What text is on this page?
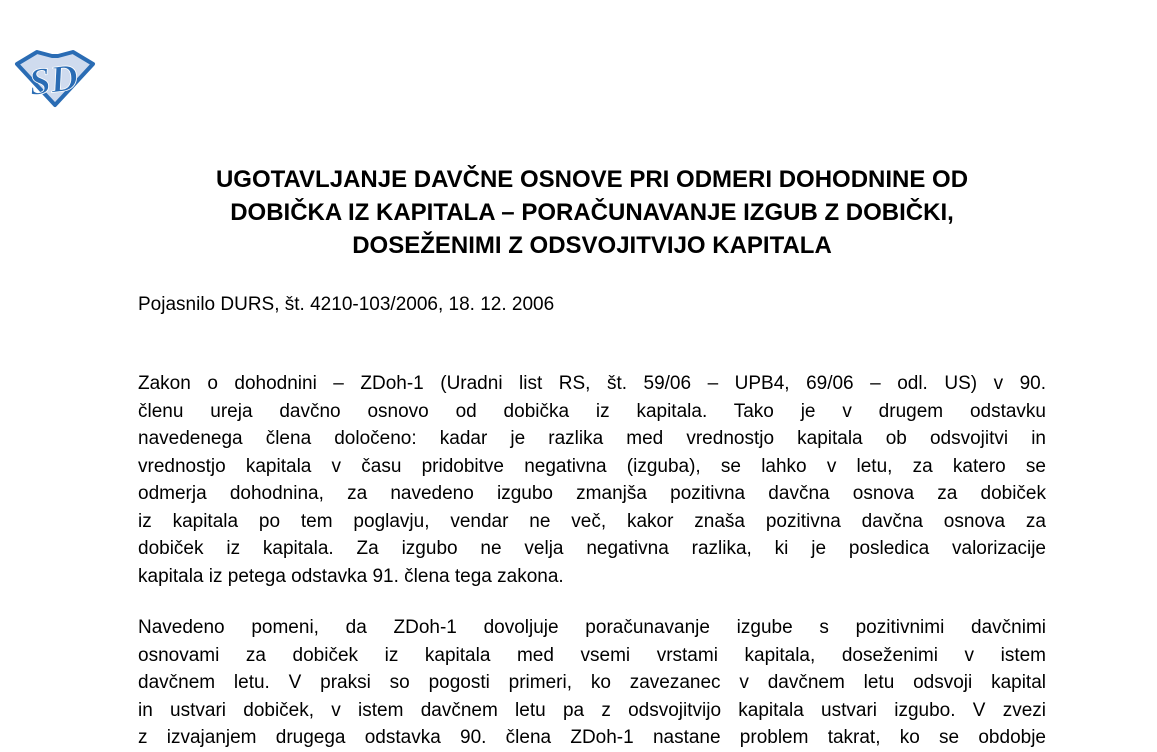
SD
UGOTAVLJANJE DAVČNE OSNOVE PRI ODMERI DOHODNINE OD
DOBIČKA IZ KAPITALA – PORAČUNAVANJE IZGUB Z DOBIČKI,
DOSEŽENIMI Z ODSVOJITVIJO KAPITALA
Pojasnilo DURS, št. 4210-103/2006, 18. 12. 2006
Zakon o dohodnini – ZDoh-1 (Uradni list RS, št. 59/06 – UPB4, 69/06 – odl. US) v 90.
členu ureja davčno osnovo od dobička iz kapitala. Tako je v drugem odstavku
navedenega člena določeno: kadar je razlika med vrednostjo kapitala ob odsvojitvi in
vrednostjo kapitala v času pridobitve negativna (izguba), se lahko v letu, za katero se
odmerja dohodnina, za navedeno izgubo zmanjša pozitivna davčna osnova za dobiček
iz kapitala po tem poglavju, vendar ne več, kakor znaša pozitivna davčna osnova za
dobiček iz kapitala. Za izgubo ne velja negativna razlika, ki je posledica valorizacije
kapitala iz petega odstavka 91. člena tega zakona.
Navedeno pomeni, da ZDoh-1 dovoljuje poračunavanje izgube s pozitivnimi davčnimi
osnovami za dobiček iz kapitala med vsemi vrstami kapitala, doseženimi v istem
davčnem letu. V praksi so pogosti primeri, ko zavezanec v davčnem letu odsvoji kapital
in ustvari dobiček, v istem davčnem letu pa z odsvojitvijo kapitala ustvari izgubo. V zvezi
z izvajanjem drugega odstavka 90. člena ZDoh-1 nastane problem takrat, ko se obdobje
